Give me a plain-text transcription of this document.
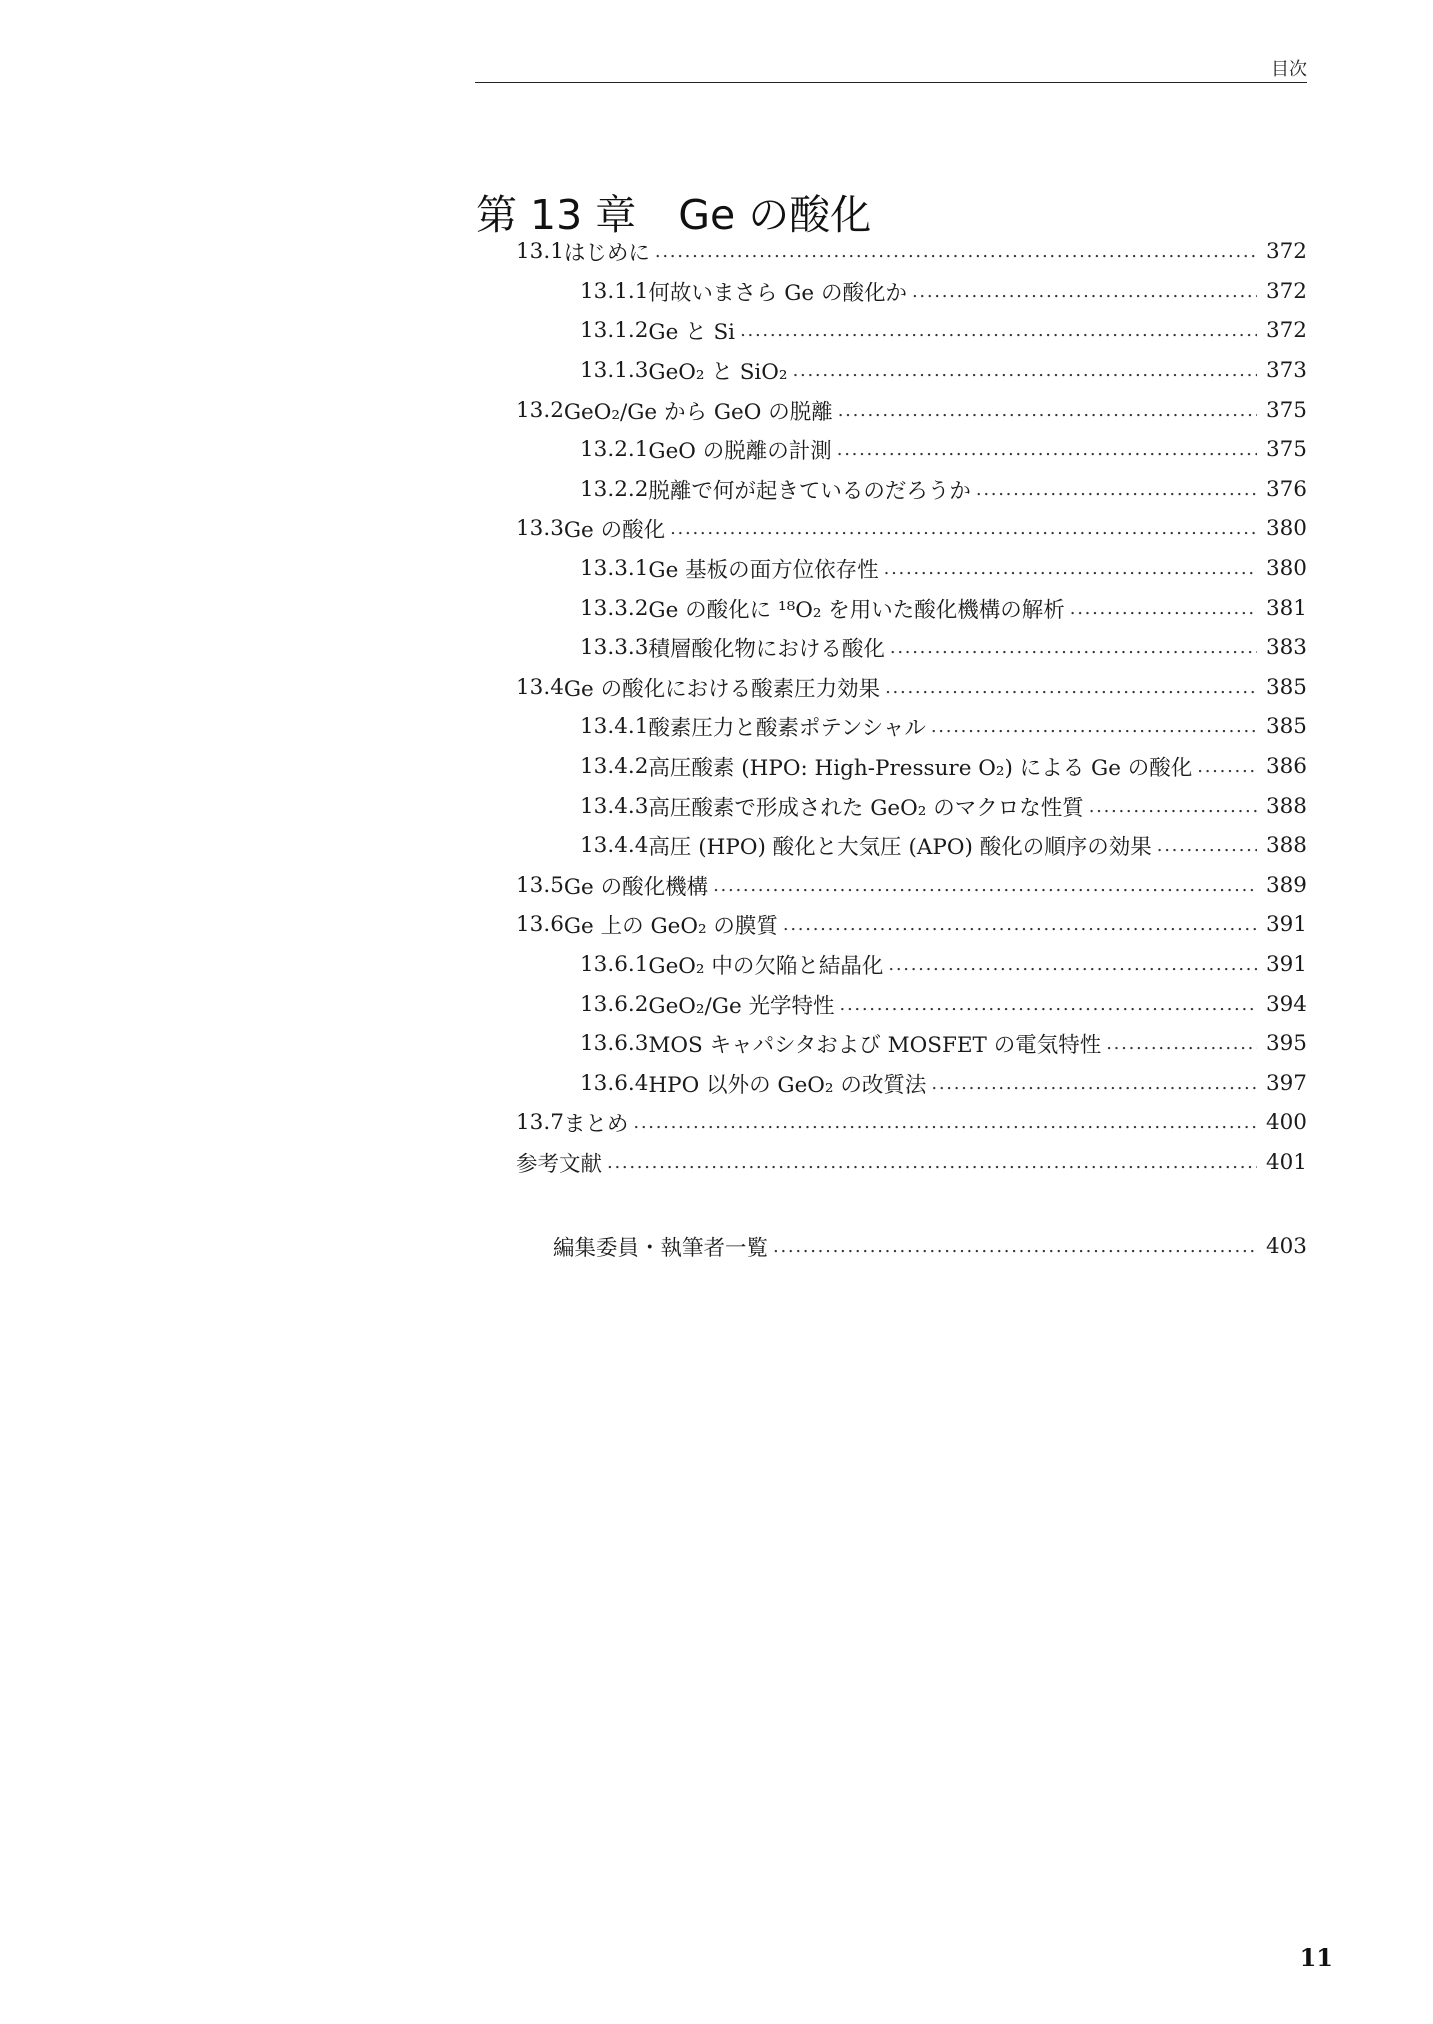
目次
第 13 章 Ge の酸化
13.1 はじめに . . .	372
13.1.1 何故いまさら Ge の酸化か . . .	372
13.1.2 Ge と Si . . .	372
13.1.3 GeO₂ と SiO₂ . . .	373
13.2 GeO₂/Ge から GeO の脱離 . . .	375
13.2.1 GeO の脱離の計測 . . .	375
13.2.2 脱離で何が起きているのだろうか . . .	376
13.3 Ge の酸化 . . .	380
13.3.1 Ge 基板の面方位依存性 . . .	380
13.3.2 Ge の酸化に ¹⁸O₂ を用いた酸化機構の解析 . . .	381
13.3.3 積層酸化物における酸化 . . .	383
13.4 Ge の酸化における酸素圧力効果 . . .	385
13.4.1 酸素圧力と酸素ポテンシャル . . .	385
13.4.2 高圧酸素 (HPO: High-Pressure O₂) による Ge の酸化 . . .	386
13.4.3 高圧酸素で形成された GeO₂ のマクロな性質 . . .	388
13.4.4 高圧 (HPO) 酸化と大気圧 (APO) 酸化の順序の効果 . . .	388
13.5 Ge の酸化機構 . . .	389
13.6 Ge 上の GeO₂ の膜質 . . .	391
13.6.1 GeO₂ 中の欠陥と結晶化 . . .	391
13.6.2 GeO₂/Ge 光学特性 . . .	394
13.6.3 MOS キャパシタおよび MOSFET の電気特性 . . .	395
13.6.4 HPO 以外の GeO₂ の改質法 . . .	397
13.7 まとめ . . .	400
参考文献 . . .	401
編集委員・執筆者一覧 . . .	403
11
